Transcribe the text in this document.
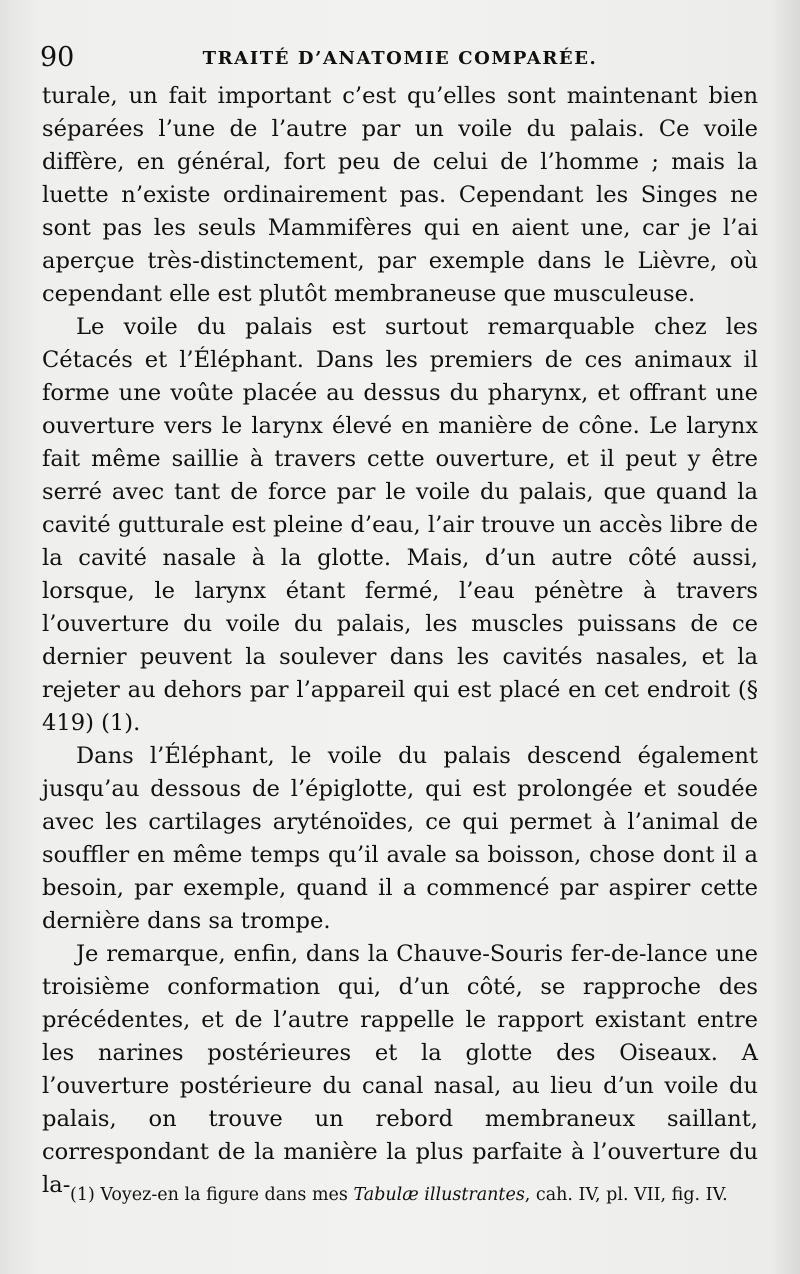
90	TRAITÉ D’ANATOMIE COMPARÉE.

turale, un fait important c’est qu’elles sont maintenant bien séparées l’une de l’autre par un voile du palais. Ce voile diffère, en général, fort peu de celui de l’homme ; mais la luette n’existe ordinairement pas. Cependant les Singes ne sont pas les seuls Mammifères qui en aient une, car je l’ai aperçue très-distinctement, par exemple dans le Lièvre, où cependant elle est plutôt membraneuse que musculeuse.

Le voile du palais est surtout remarquable chez les Cétacés et l’Éléphant. Dans les premiers de ces animaux il forme une voûte placée au dessus du pharynx, et offrant une ouverture vers le larynx élevé en manière de cône. Le larynx fait même saillie à travers cette ouverture, et il peut y être serré avec tant de force par le voile du palais, que quand la cavité gutturale est pleine d’eau, l’air trouve un accès libre de la cavité nasale à la glotte. Mais, d’un autre côté aussi, lorsque, le larynx étant fermé, l’eau pénètre à travers l’ouverture du voile du palais, les muscles puissans de ce dernier peuvent la soulever dans les cavités nasales, et la rejeter au dehors par l’appareil qui est placé en cet endroit (§ 419) (1).

Dans l’Éléphant, le voile du palais descend également jusqu’au dessous de l’épiglotte, qui est prolongée et soudée avec les cartilages aryténoïdes, ce qui permet à l’animal de souffler en même temps qu’il avale sa boisson, chose dont il a besoin, par exemple, quand il a commencé par aspirer cette dernière dans sa trompe.

Je remarque, enfin, dans la Chauve-Souris fer-de-lance une troisième conformation qui, d’un côté, se rapproche des précédentes, et de l’autre rappelle le rapport existant entre les narines postérieures et la glotte des Oiseaux. A l’ouverture postérieure du canal nasal, au lieu d’un voile du palais, on trouve un rebord membraneux saillant, correspondant de la manière la plus parfaite à l’ouverture du la- (1) Voyez-en la figure dans mes Tabulæ illustrantes, cah. IV, pl. VII, fig. IV.
